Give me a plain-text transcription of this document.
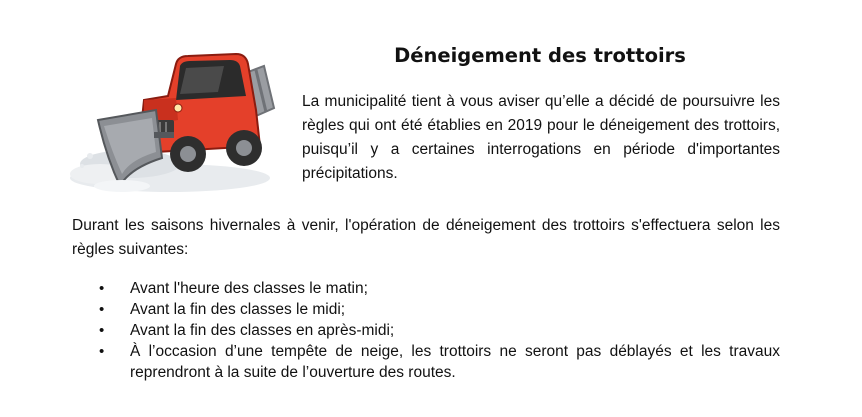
Déneigement des trottoirs

La municipalité tient à vous aviser qu’elle a décidé de poursuivre les règles qui ont été établies en 2019 pour le déneigement des trottoirs, puisqu’il y a certaines interrogations en période d'importantes précipitations.

Durant les saisons hivernales à venir, l'opération de déneigement des trottoirs s'effectuera selon les règles suivantes:

• Avant l'heure des classes le matin;
• Avant la fin des classes le midi;
• Avant la fin des classes en après-midi;
• À l’occasion d’une tempête de neige, les trottoirs ne seront pas déblayés et les travaux reprendront à la suite de l’ouverture des routes.
